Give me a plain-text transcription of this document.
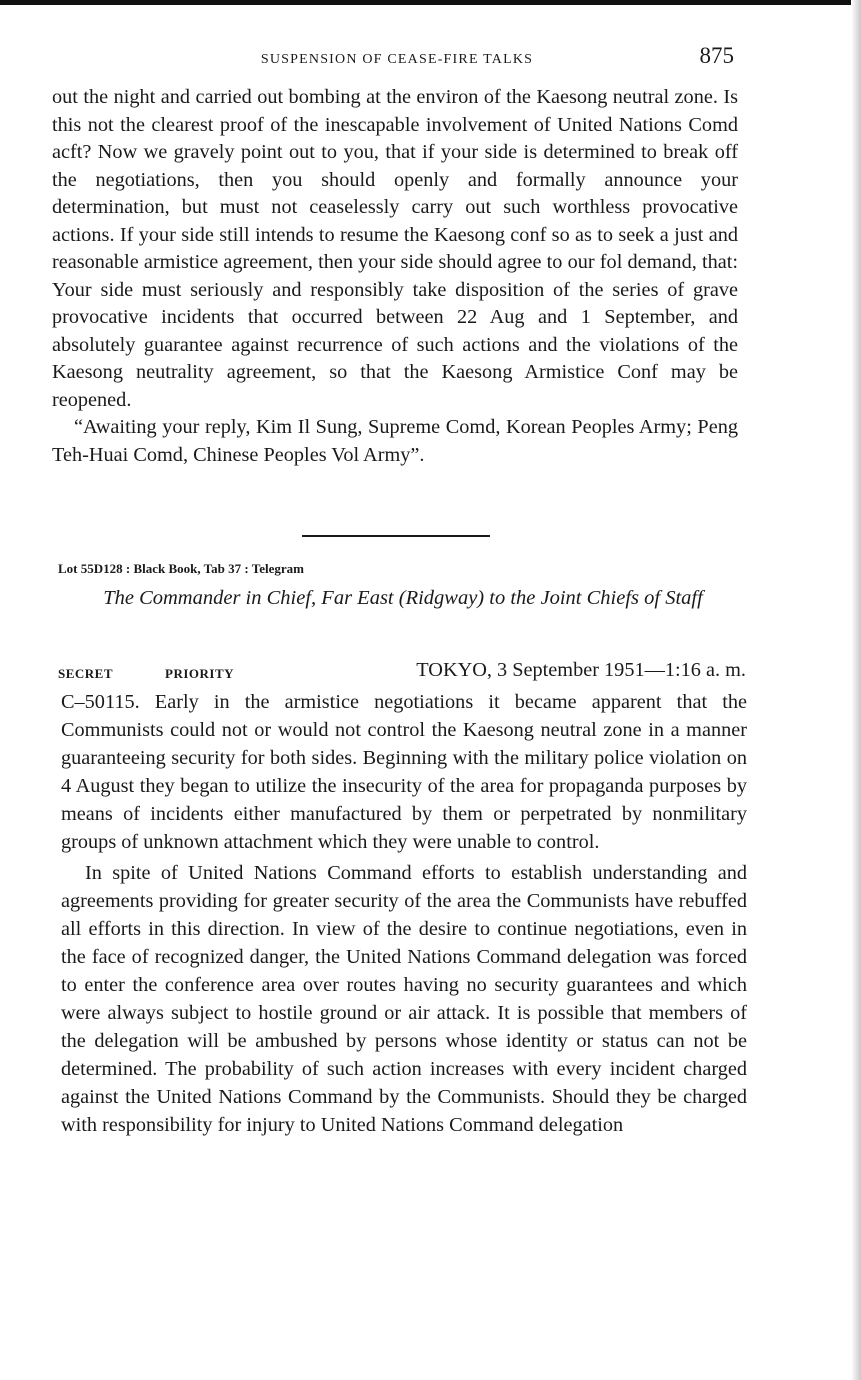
SUSPENSION OF CEASE-FIRE TALKS	875

out the night and carried out bombing at the environ of the Kaesong neutral zone. Is this not the clearest proof of the inescapable involvement of United Nations Comd acft? Now we gravely point out to you, that if your side is determined to break off the negotiations, then you should openly and formally announce your determination, but must not ceaselessly carry out such worthless provocative actions. If your side still intends to resume the Kaesong conf so as to seek a just and reasonable armistice agreement, then your side should agree to our fol demand, that: Your side must seriously and responsibly take disposition of the series of grave provocative incidents that occurred between 22 Aug and 1 September, and absolutely guarantee against recurrence of such actions and the violations of the Kaesong neutrality agreement, so that the Kaesong Armistice Conf may be reopened.

“Awaiting your reply, Kim Il Sung, Supreme Comd, Korean Peoples Army; Peng Teh-Huai Comd, Chinese Peoples Vol Army”.

Lot 55D128 : Black Book, Tab 37 : Telegram
The Commander in Chief, Far East (Ridgway) to the Joint Chiefs of Staff
SECRET	PRIORITY	TOKYO, 3 September 1951—1:16 a. m.

C–50115. Early in the armistice negotiations it became apparent that the Communists could not or would not control the Kaesong neutral zone in a manner guaranteeing security for both sides. Beginning with the military police violation on 4 August they began to utilize the insecurity of the area for propaganda purposes by means of incidents either manufactured by them or perpetrated by nonmilitary groups of unknown attachment which they were unable to control.

In spite of United Nations Command efforts to establish understanding and agreements providing for greater security of the area the Communists have rebuffed all efforts in this direction. In view of the desire to continue negotiations, even in the face of recognized danger, the United Nations Command delegation was forced to enter the conference area over routes having no security guarantees and which were always subject to hostile ground or air attack. It is possible that members of the delegation will be ambushed by persons whose identity or status can not be determined. The probability of such action increases with every incident charged against the United Nations Command by the Communists. Should they be charged with responsibility for injury to United Nations Command delegation
